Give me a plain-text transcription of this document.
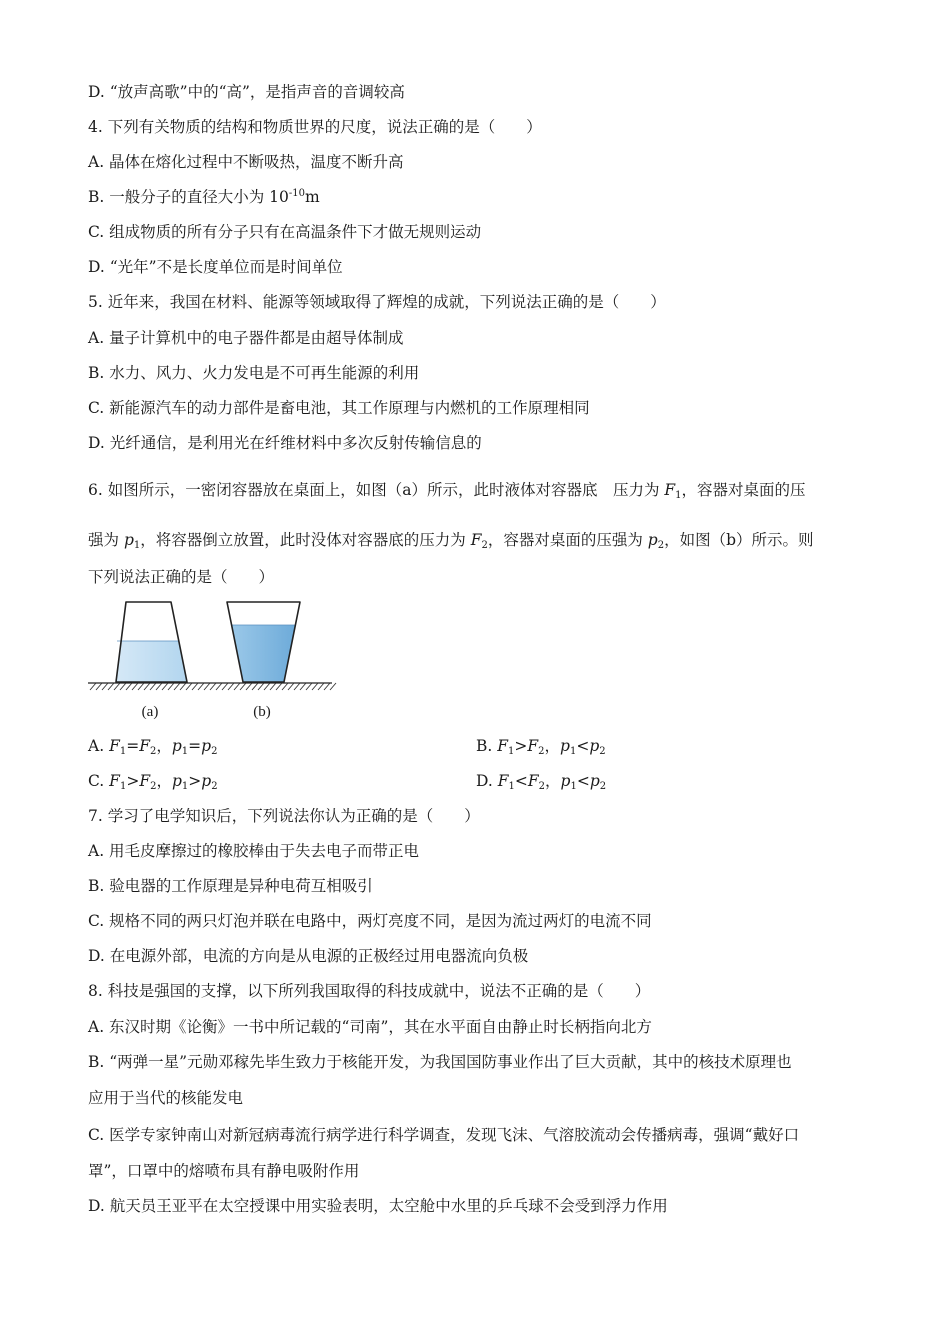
D. “放声高歌”中的“高”，是指声音的音调较高
4. 下列有关物质的结构和物质世界的尺度，说法正确的是（　　）
A. 晶体在熔化过程中不断吸热，温度不断升高
B. 一般分子的直径大小为 $10^{-10}m$
C. 组成物质的所有分子只有在高温条件下才做无规则运动
D. “光年”不是长度单位而是时间单位
5. 近年来，我国在材料、能源等领域取得了辉煌的成就，下列说法正确的是（　　）
A. 量子计算机中的电子器件都是由超导体制成
B. 水力、风力、火力发电是不可再生能源的利用
C. 新能源汽车的动力部件是畜电池，其工作原理与内燃机的工作原理相同
D. 光纤通信，是利用光在纤维材料中多次反射传输信息的
6. 如图所示，一密闭容器放在桌面上，如图（a）所示，此时液体对容器底　压力为 $F_1$，容器对桌面的压
强为 $p_1$，将容器倒立放置，此时没体对容器底的压力为 $F_2$，容器对桌面的压强为 $p_2$，如图（b）所示。则
下列说法正确的是（　　）
(a)	(b)
A. $F_1=F_2$，$p_1=p_2$	B. $F_1>F_2$，$p_1<p_2$
C. $F_1>F_2$，$p_1>p_2$	D. $F_1<F_2$，$p_1<p_2$
7. 学习了电学知识后，下列说法你认为正确的是（　　）
A. 用毛皮摩擦过的橡胶棒由于失去电子而带正电
B. 验电器的工作原理是异种电荷互相吸引
C. 规格不同的两只灯泡并联在电路中，两灯亮度不同，是因为流过两灯的电流不同
D. 在电源外部，电流的方向是从电源的正极经过用电器流向负极
8. 科技是强国的支撑，以下所列我国取得的科技成就中，说法不正确的是（　　）
A. 东汉时期《论衡》一书中所记载的“司南”，其在水平面自由静止时长柄指向北方
B. “两弹一星”元勋邓稼先毕生致力于核能开发，为我国国防事业作出了巨大贡献，其中的核技术原理也
应用于当代的核能发电
C. 医学专家钟南山对新冠病毒流行病学进行科学调查，发现飞沫、气溶胶流动会传播病毒，强调“戴好口
罩”，口罩中的熔喷布具有静电吸附作用
D. 航天员王亚平在太空授课中用实验表明，太空舱中水里的乒乓球不会受到浮力作用
